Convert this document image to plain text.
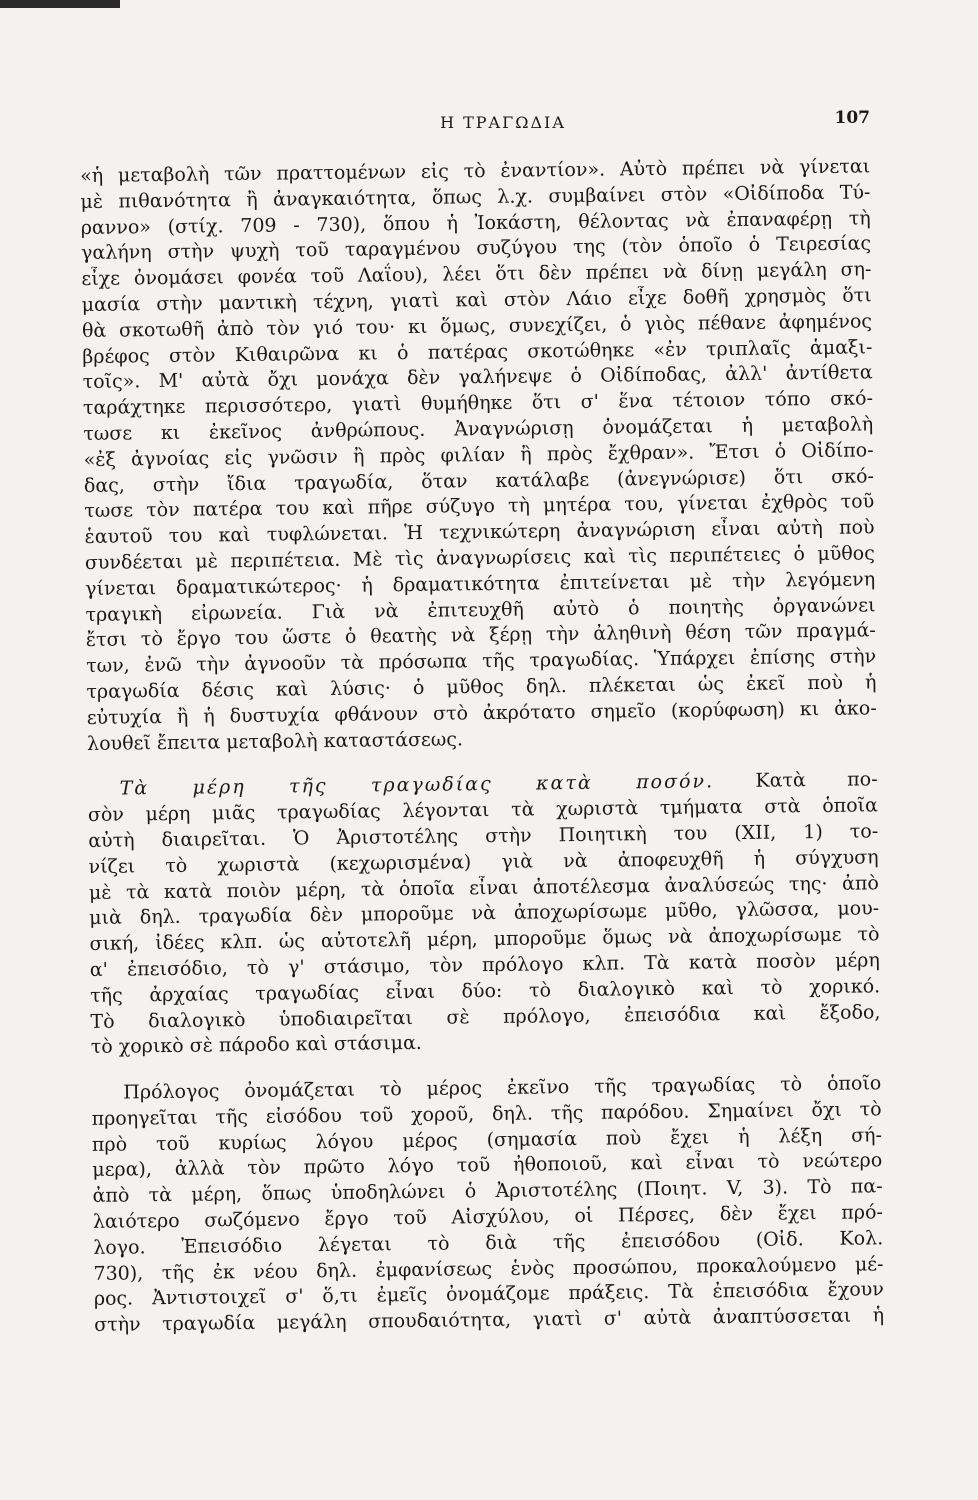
Η ΤΡΑΓΩΔΙΑ	107
«ἡ μεταβολὴ τῶν πραττομένων εἰς τὸ ἐναντίον». Αὐτὸ πρέπει νὰ γίνεται
μὲ πιθανότητα ἢ ἀναγκαιότητα, ὅπως λ.χ. συμβαίνει στὸν «Οἰδίποδα Τύ-
ραννο» (στίχ. 709 - 730), ὅπου ἡ Ἰοκάστη, θέλοντας νὰ ἐπαναφέρῃ τὴ
γαλήνη στὴν ψυχὴ τοῦ ταραγμένου συζύγου της (τὸν ὁποῖο ὁ Τειρεσίας
εἶχε ὀνομάσει φονέα τοῦ Λαΐου), λέει ὅτι δὲν πρέπει νὰ δίνῃ μεγάλη ση-
μασία στὴν μαντικὴ τέχνη, γιατὶ καὶ στὸν Λάιο εἶχε δοθῆ χρησμὸς ὅτι
θὰ σκοτωθῆ ἀπὸ τὸν γιό του· κι ὅμως, συνεχίζει, ὁ γιὸς πέθανε ἀφημένος
βρέφος στὸν Κιθαιρῶνα κι ὁ πατέρας σκοτώθηκε «ἐν τριπλαῖς ἁμαξι-
τοῖς». Μ' αὐτὰ ὄχι μονάχα δὲν γαλήνεψε ὁ Οἰδίποδας, ἀλλ' ἀντίθετα
ταράχτηκε περισσότερο, γιατὶ θυμήθηκε ὅτι σ' ἕνα τέτοιον τόπο σκό-
τωσε κι ἐκεῖνος ἀνθρώπους. Ἀναγνώρισῃ ὀνομάζεται ἡ μεταβολὴ
«ἐξ ἀγνοίας εἰς γνῶσιν ἢ πρὸς φιλίαν ἢ πρὸς ἔχθραν». Ἔτσι ὁ Οἰδίπο-
δας, στὴν ἴδια τραγωδία, ὅταν κατάλαβε (ἀνεγνώρισε) ὅτι σκό-
τωσε τὸν πατέρα του καὶ πῆρε σύζυγο τὴ μητέρα του, γίνεται ἐχθρὸς τοῦ
ἑαυτοῦ του καὶ τυφλώνεται. Ἡ τεχνικώτερη ἀναγνώριση εἶναι αὐτὴ ποὺ
συνδέεται μὲ περιπέτεια. Μὲ τὶς ἀναγνωρίσεις καὶ τὶς περιπέτειες ὁ μῦθος
γίνεται δραματικώτερος· ἡ δραματικότητα ἐπιτείνεται μὲ τὴν λεγόμενη
τραγικὴ εἰρωνεία. Γιὰ νὰ ἐπιτευχθῆ αὐτὸ ὁ ποιητὴς ὀργανώνει
ἔτσι τὸ ἔργο του ὥστε ὁ θεατὴς νὰ ξέρῃ τὴν ἀληθινὴ θέση τῶν πραγμά-
των, ἐνῶ τὴν ἀγνοοῦν τὰ πρόσωπα τῆς τραγωδίας. Ὑπάρχει ἐπίσης στὴν
τραγωδία δέσις καὶ λύσις· ὁ μῦθος δηλ. πλέκεται ὡς ἐκεῖ ποὺ ἡ
εὐτυχία ἢ ἡ δυστυχία φθάνουν στὸ ἀκρότατο σημεῖο (κορύφωση) κι ἀκο-
λουθεῖ ἔπειτα μεταβολὴ καταστάσεως.
Τὰ μέρη τῆς τραγωδίας κατὰ ποσόν. Κατὰ πο-
σὸν μέρη μιᾶς τραγωδίας λέγονται τὰ χωριστὰ τμήματα στὰ ὁποῖα
αὐτὴ διαιρεῖται. Ὁ Ἀριστοτέλης στὴν Ποιητικὴ του (XII, 1) το-
νίζει τὸ χωριστὰ (κεχωρισμένα) γιὰ νὰ ἀποφευχθῆ ἡ σύγχυση
μὲ τὰ κατὰ ποιὸν μέρη, τὰ ὁποῖα εἶναι ἀποτέλεσμα ἀναλύσεώς της· ἀπὸ
μιὰ δηλ. τραγωδία δὲν μποροῦμε νὰ ἀποχωρίσωμε μῦθο, γλῶσσα, μου-
σική, ἰδέες κλπ. ὡς αὐτοτελῆ μέρη, μποροῦμε ὅμως νὰ ἀποχωρίσωμε τὸ
α' ἐπεισόδιο, τὸ γ' στάσιμο, τὸν πρόλογο κλπ. Τὰ κατὰ ποσὸν μέρη
τῆς ἀρχαίας τραγωδίας εἶναι δύο: τὸ διαλογικὸ καὶ τὸ χορικό.
Τὸ διαλογικὸ ὑποδιαιρεῖται σὲ πρόλογο, ἐπεισόδια καὶ ἔξοδο,
τὸ χορικὸ σὲ πάροδο καὶ στάσιμα.
Πρόλογος ὀνομάζεται τὸ μέρος ἐκεῖνο τῆς τραγωδίας τὸ ὁποῖο
προηγεῖται τῆς εἰσόδου τοῦ χοροῦ, δηλ. τῆς παρόδου. Σημαίνει ὄχι τὸ
πρὸ τοῦ κυρίως λόγου μέρος (σημασία ποὺ ἔχει ἡ λέξη σή-
μερα), ἀλλὰ τὸν πρῶτο λόγο τοῦ ἠθοποιοῦ, καὶ εἶναι τὸ νεώτερο
ἀπὸ τὰ μέρη, ὅπως ὑποδηλώνει ὁ Ἀριστοτέλης (Ποιητ. V, 3). Τὸ πα-
λαιότερο σωζόμενο ἔργο τοῦ Αἰσχύλου, οἱ Πέρσες, δὲν ἔχει πρό-
λογο. Ἐπεισόδιο λέγεται τὸ διὰ τῆς ἐπεισόδου (Οἰδ. Κολ.
730), τῆς ἐκ νέου δηλ. ἐμφανίσεως ἑνὸς προσώπου, προκαλούμενο μέ-
ρος. Ἀντιστοιχεῖ σ' ὅ,τι ἐμεῖς ὀνομάζομε πράξεις. Τὰ ἐπεισόδια ἔχουν
στὴν τραγωδία μεγάλη σπουδαιότητα, γιατὶ σ' αὐτὰ ἀναπτύσσεται ἡ
